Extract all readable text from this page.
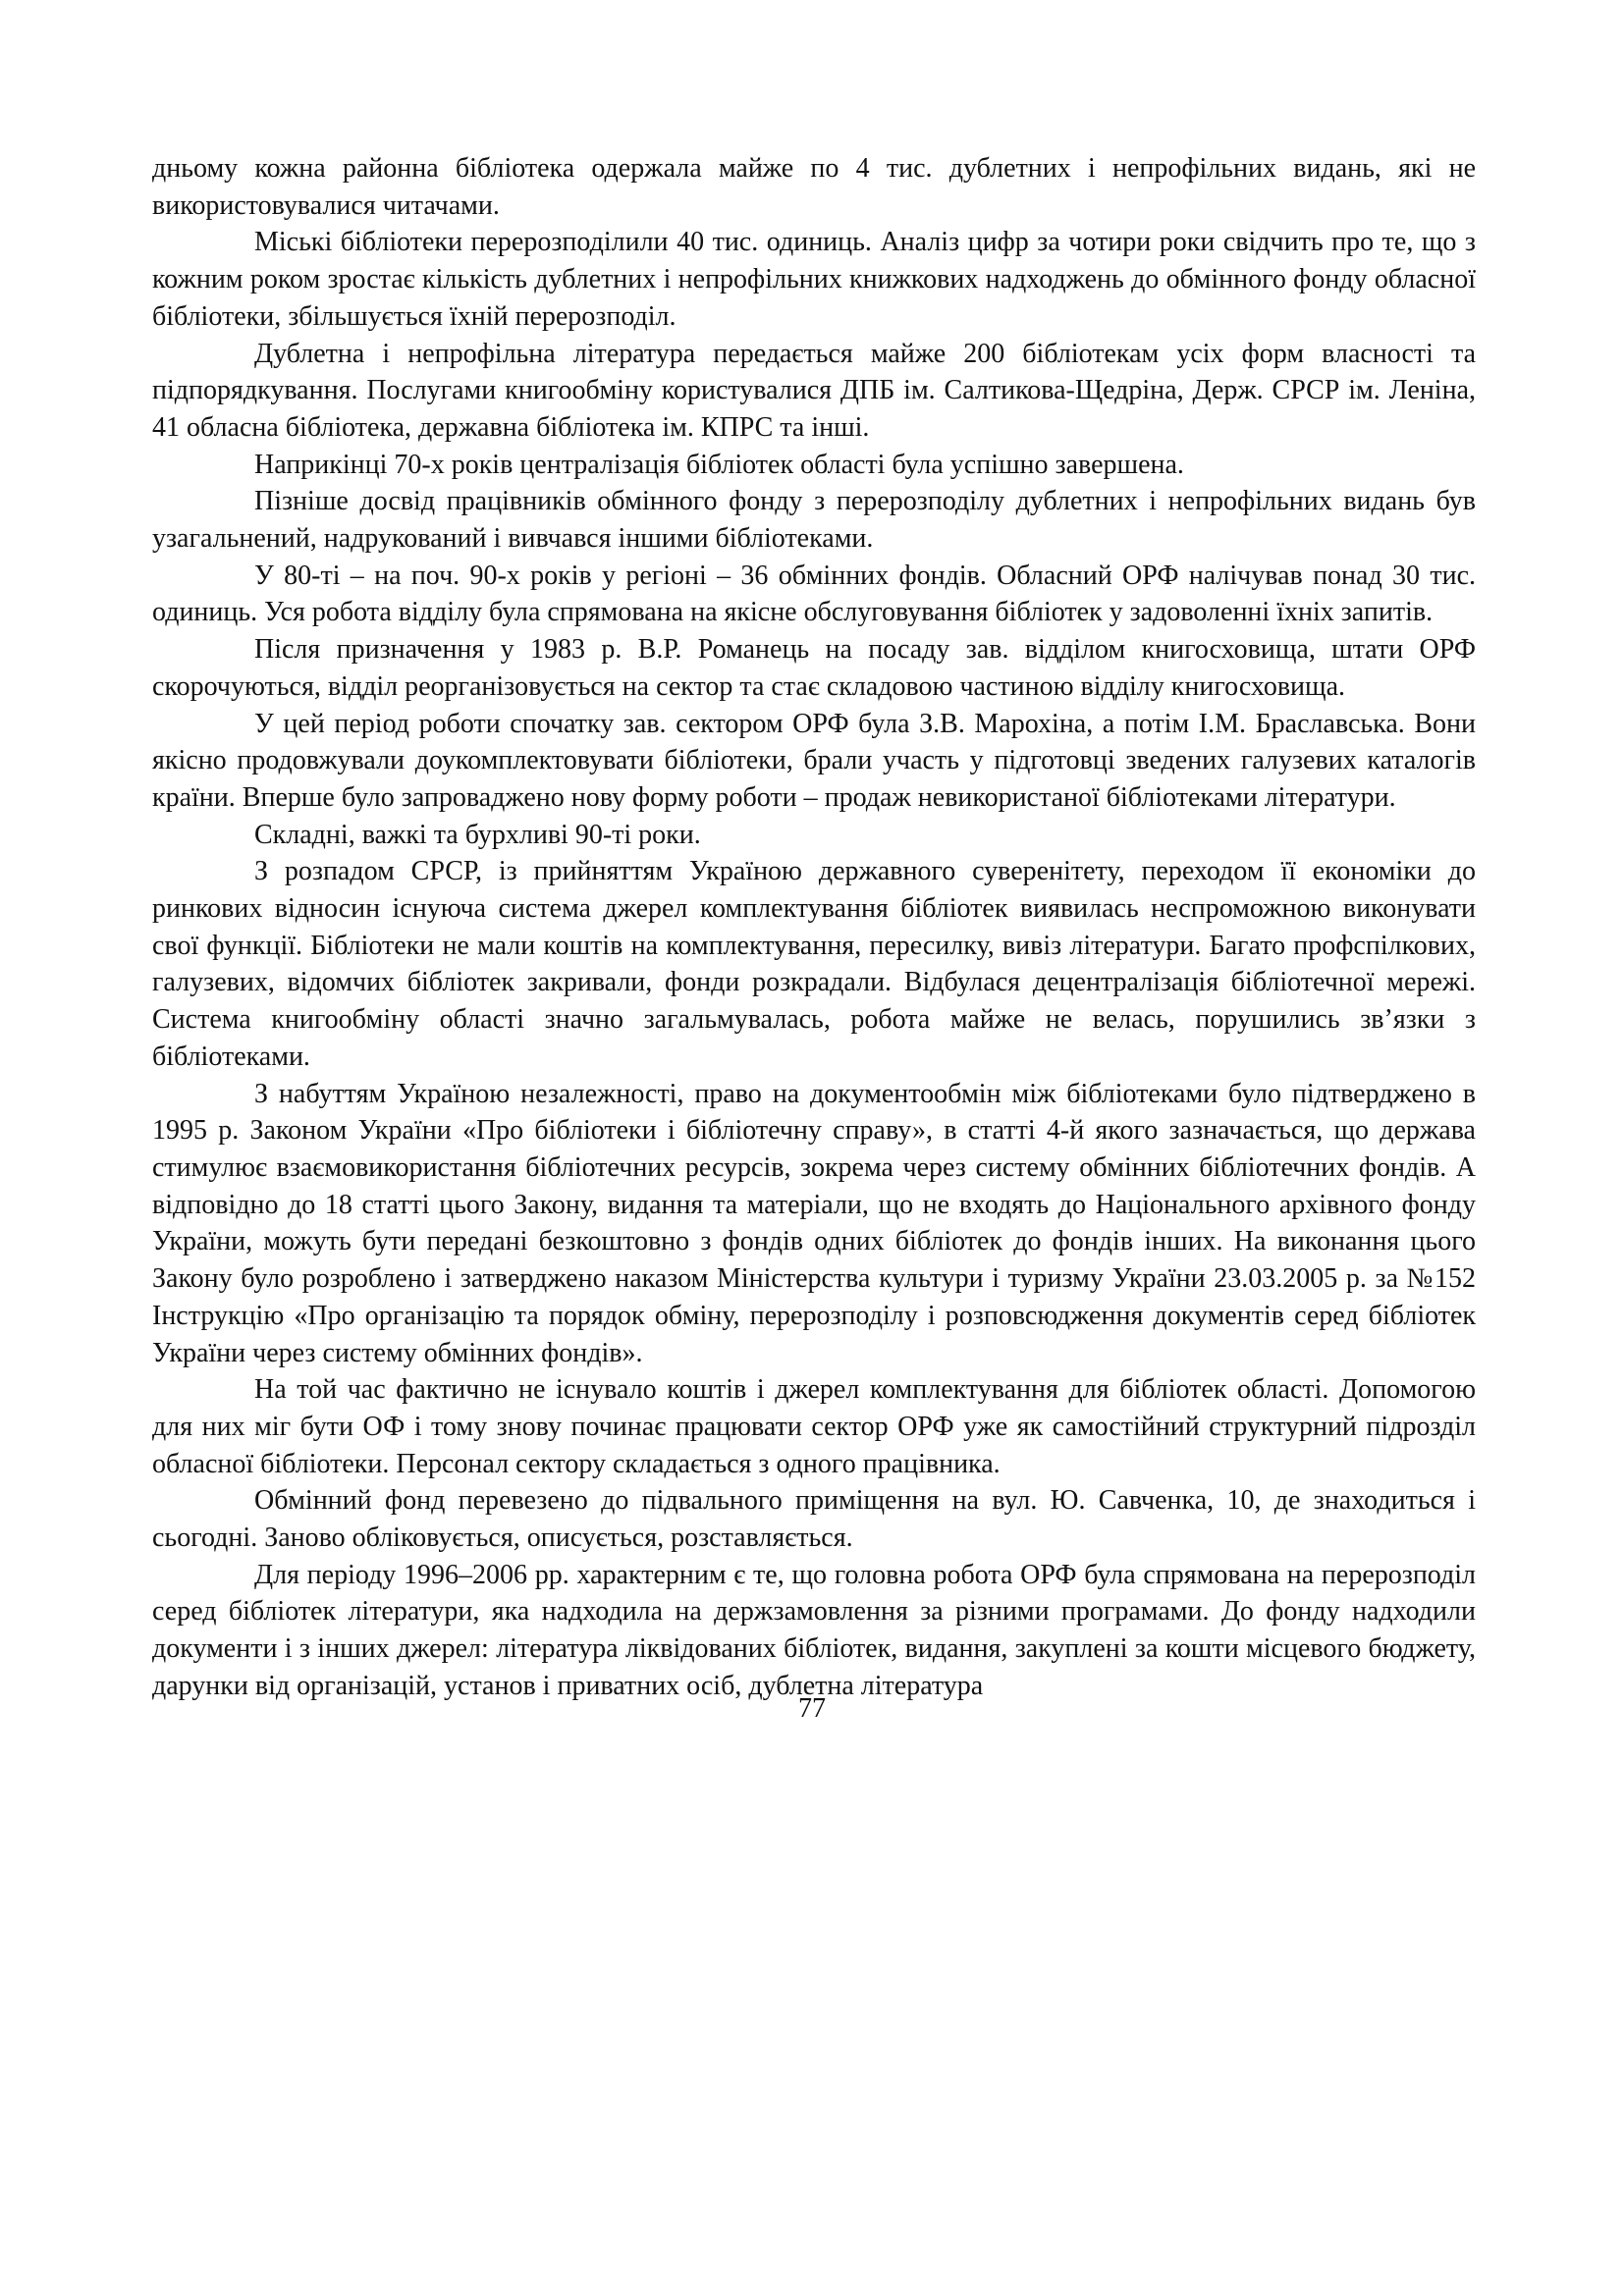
дньому кожна районна бібліотека одержала майже по 4 тис. дублетних і непрофільних видань, які не використовувалися читачами.

Міські бібліотеки перерозподілили 40 тис. одиниць. Аналіз цифр за чотири роки свідчить про те, що з кожним роком зростає кількість дублетних і непрофільних книжкових надходжень до обмінного фонду обласної бібліотеки, збільшується їхній перерозподіл.

Дублетна і непрофільна література передається майже 200 бібліотекам усіх форм власності та підпорядкування. Послугами книгообміну користувалися ДПБ ім. Салтикова-Щедріна, Держ. СРСР ім. Леніна, 41 обласна бібліотека, державна бібліотека ім. КПРС та інші.

Наприкінці 70-х років централізація бібліотек області була успішно завершена.

Пізніше досвід працівників обмінного фонду з перерозподілу дублетних і непрофільних видань був узагальнений, надрукований і вивчався іншими бібліотеками.

У 80-ті – на поч. 90-х років у регіоні – 36 обмінних фондів. Обласний ОРФ налічував понад 30 тис. одиниць. Уся робота відділу була спрямована на якісне обслуговування бібліотек у задоволенні їхніх запитів.

Після призначення у 1983 р. В.Р. Романець на посаду зав. відділом книгосховища, штати ОРФ скорочуються, відділ реорганізовується на сектор та стає складовою частиною відділу книгосховища.

У цей період роботи спочатку зав. сектором ОРФ була З.В. Марохіна, а потім І.М. Браславська. Вони якісно продовжували доукомплектовувати бібліотеки, брали участь у підготовці зведених галузевих каталогів країни. Вперше було запроваджено нову форму роботи – продаж невикористаної бібліотеками літератури.

Складні, важкі та бурхливі 90-ті роки.

З розпадом СРСР, із прийняттям Україною державного суверенітету, переходом її економіки до ринкових відносин існуюча система джерел комплектування бібліотек виявилась неспроможною виконувати свої функції. Бібліотеки не мали коштів на комплектування, пересилку, вивіз літератури. Багато профспілкових, галузевих, відомчих бібліотек закривали, фонди розкрадали. Відбулася децентралізація бібліотечної мережі. Система книгообміну області значно загальмувалась, робота майже не велась, порушились зв’язки з бібліотеками.

З набуттям Україною незалежності, право на документообмін між бібліотеками було підтверджено в 1995 р. Законом України «Про бібліотеки і бібліотечну справу», в статті 4-й якого зазначається, що держава стимулює взаємовикористання бібліотечних ресурсів, зокрема через систему обмінних бібліотечних фондів. А відповідно до 18 статті цього Закону, видання та матеріали, що не входять до Національного архівного фонду України, можуть бути передані безкоштовно з фондів одних бібліотек до фондів інших. На виконання цього Закону було розроблено і затверджено наказом Міністерства культури і туризму України 23.03.2005 р. за №152 Інструкцію «Про організацію та порядок обміну, перерозподілу і розповсюдження документів серед бібліотек України через систему обмінних фондів».

На той час фактично не існувало коштів і джерел комплектування для бібліотек області. Допомогою для них міг бути ОФ і тому знову починає працювати сектор ОРФ уже як самостійний структурний підрозділ обласної бібліотеки. Персонал сектору складається з одного працівника.

Обмінний фонд перевезено до підвального приміщення на вул. Ю. Савченка, 10, де знаходиться і сьогодні. Заново обліковується, описується, розставляється.

Для періоду 1996–2006 рр. характерним є те, що головна робота ОРФ була спрямована на перерозподіл серед бібліотек літератури, яка надходила на держзамовлення за різними програмами. До фонду надходили документи і з інших джерел: література ліквідованих бібліотек, видання, закуплені за кошти місцевого бюджету, дарунки від організацій, установ і приватних осіб, дублетна література

77
